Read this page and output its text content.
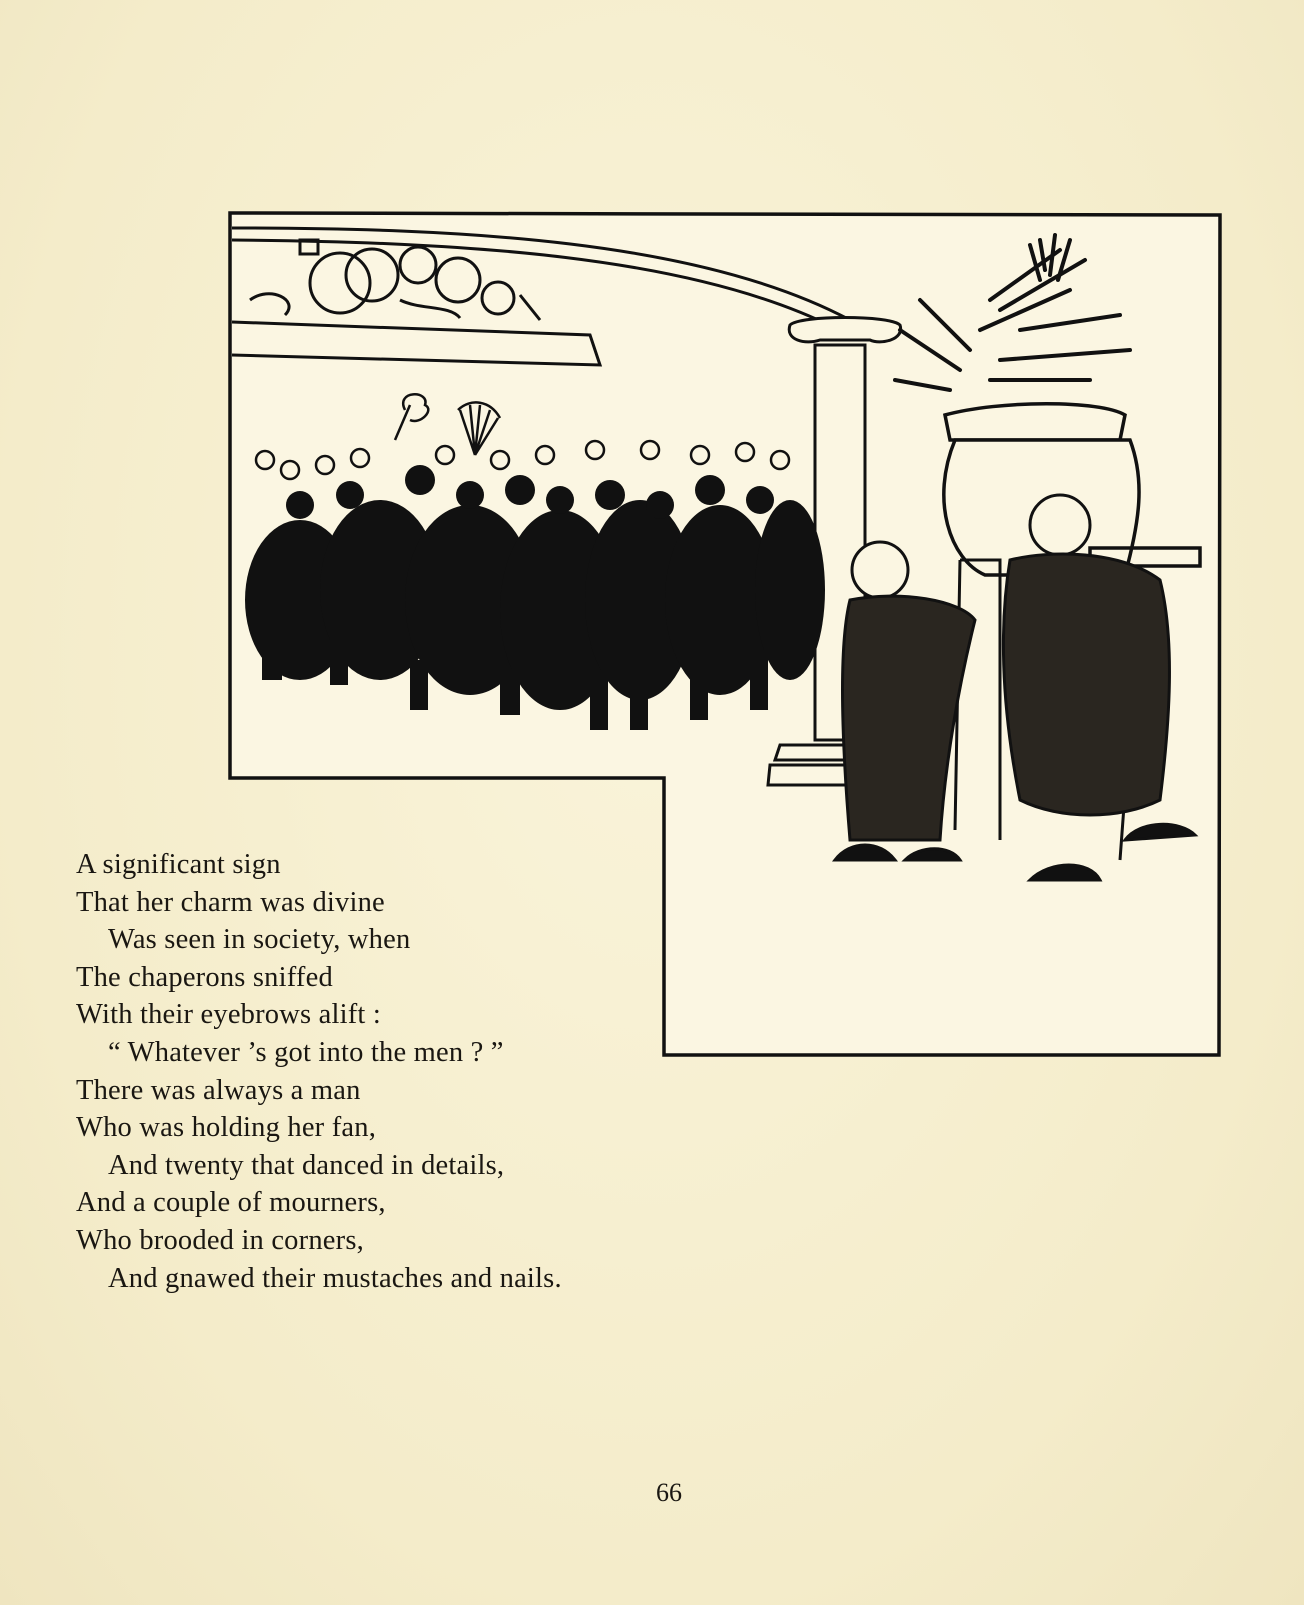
A significant sign
That her charm was divine
Was seen in society, when
The chaperons sniffed
With their eyebrows alift :
“ Whatever ’s got into the men ? ”
There was always a man
Who was holding her fan,
And twenty that danced in details,
And a couple of mourners,
Who brooded in corners,
And gnawed their mustaches and nails.
66
